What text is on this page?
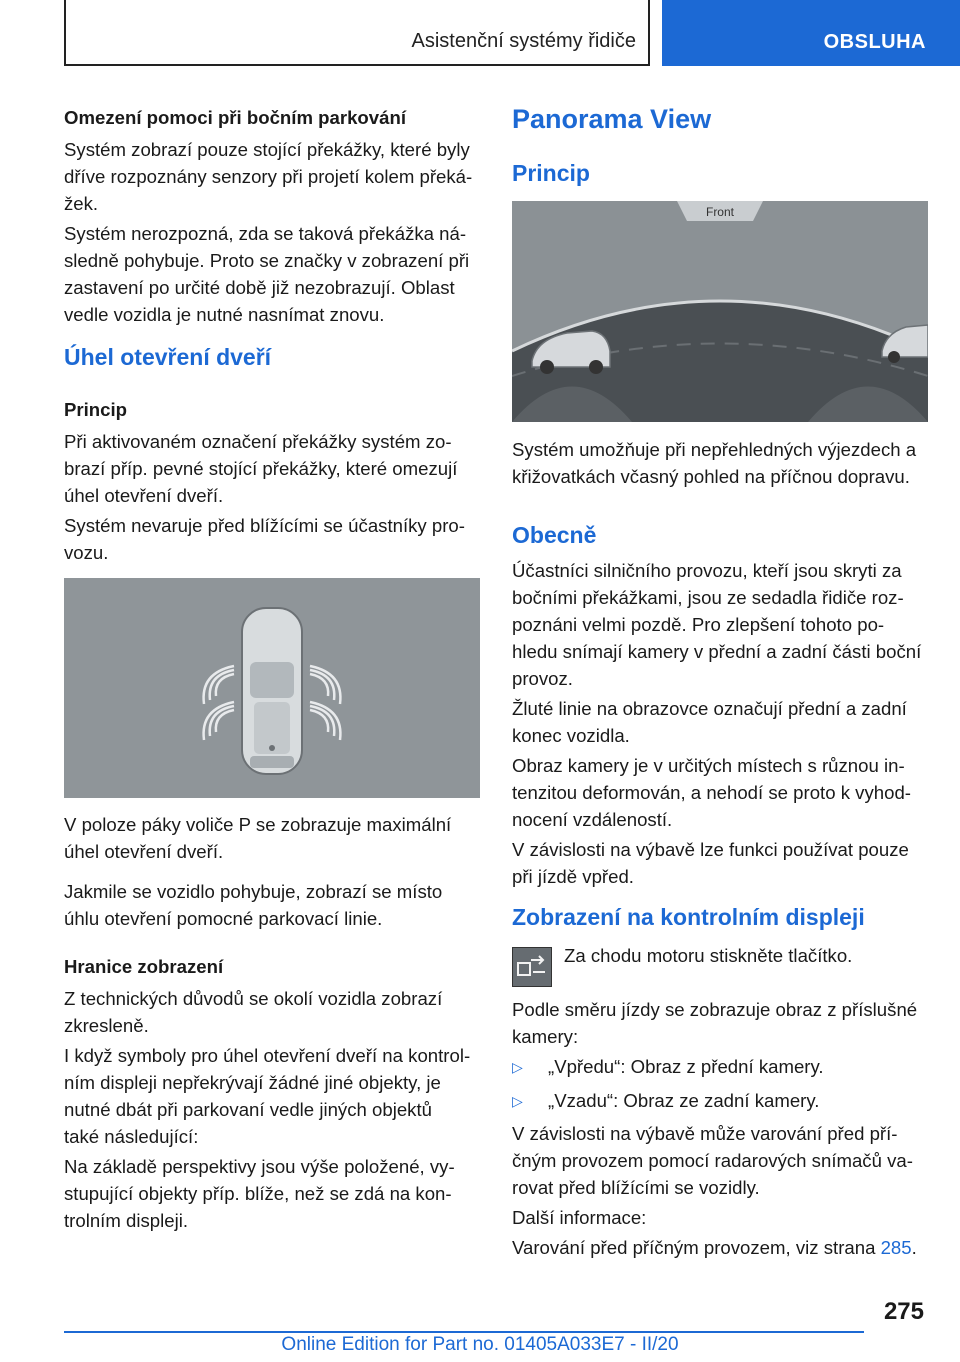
Asistenční systémy řidiče	OBSLUHA
Omezení pomoci při bočním parkování

Systém zobrazí pouze stojící překážky, které byly

dříve rozpoznány senzory při projetí kolem překá‐

žek.

Systém nerozpozná, zda se taková překážka ná‐

sledně pohybuje. Proto se značky v zobrazení při

zastavení po určité době již nezobrazují. Oblast

vedle vozidla je nutné nasnímat znovu.

Úhel otevření dveří
Princip

Při aktivovaném označení překážky systém zo‐

brazí příp. pevné stojící překážky, které omezují

úhel otevření dveří.

Systém nevaruje před blížícími se účastníky pro‐

vozu.

V poloze páky voliče P se zobrazuje maximální

úhel otevření dveří.

Jakmile se vozidlo pohybuje, zobrazí se místo

úhlu otevření pomocné parkovací linie.

Hranice zobrazení

Z technických důvodů se okolí vozidla zobrazí

zkresleně.

I když symboly pro úhel otevření dveří na kontrol‐

ním displeji nepřekrývají žádné jiné objekty, je

nutné dbát při parkovaní vedle jiných objektů

také následující:

Na základě perspektivy jsou výše položené, vy‐

stupující objekty příp. blíže, než se zdá na kon‐

trolním displeji.

Panorama View
Princip
Front

Systém umožňuje při nepřehledných výjezdech a

křižovatkách včasný pohled na příčnou dopravu.

Obecně

Účastníci silničního provozu, kteří jsou skryti za

bočními překážkami, jsou ze sedadla řidiče roz‐

poznáni velmi pozdě. Pro zlepšení tohoto po‐

hledu snímají kamery v přední a zadní části boční

provoz.

Žluté linie na obrazovce označují přední a zadní

konec vozidla.

Obraz kamery je v určitých místech s různou in‐

tenzitou deformován, a nehodí se proto k vyhod‐

nocení vzdáleností.

V závislosti na výbavě lze funkci používat pouze

při jízdě vpřed.

Zobrazení na kontrolním displeji

Za chodu motoru stiskněte tlačítko.

Podle směru jízdy se zobrazuje obraz z příslušné

kamery:

▷ „Vpředu“: Obraz z přední kamery.

▷ „Vzadu“: Obraz ze zadní kamery.

V závislosti na výbavě může varování před pří‐

čným provozem pomocí radarových snímačů va‐

rovat před blížícími se vozidly.

Další informace:

Varování před příčným provozem, viz strana 285.

275
Online Edition for Part no. 01405A033E7 - II/20
